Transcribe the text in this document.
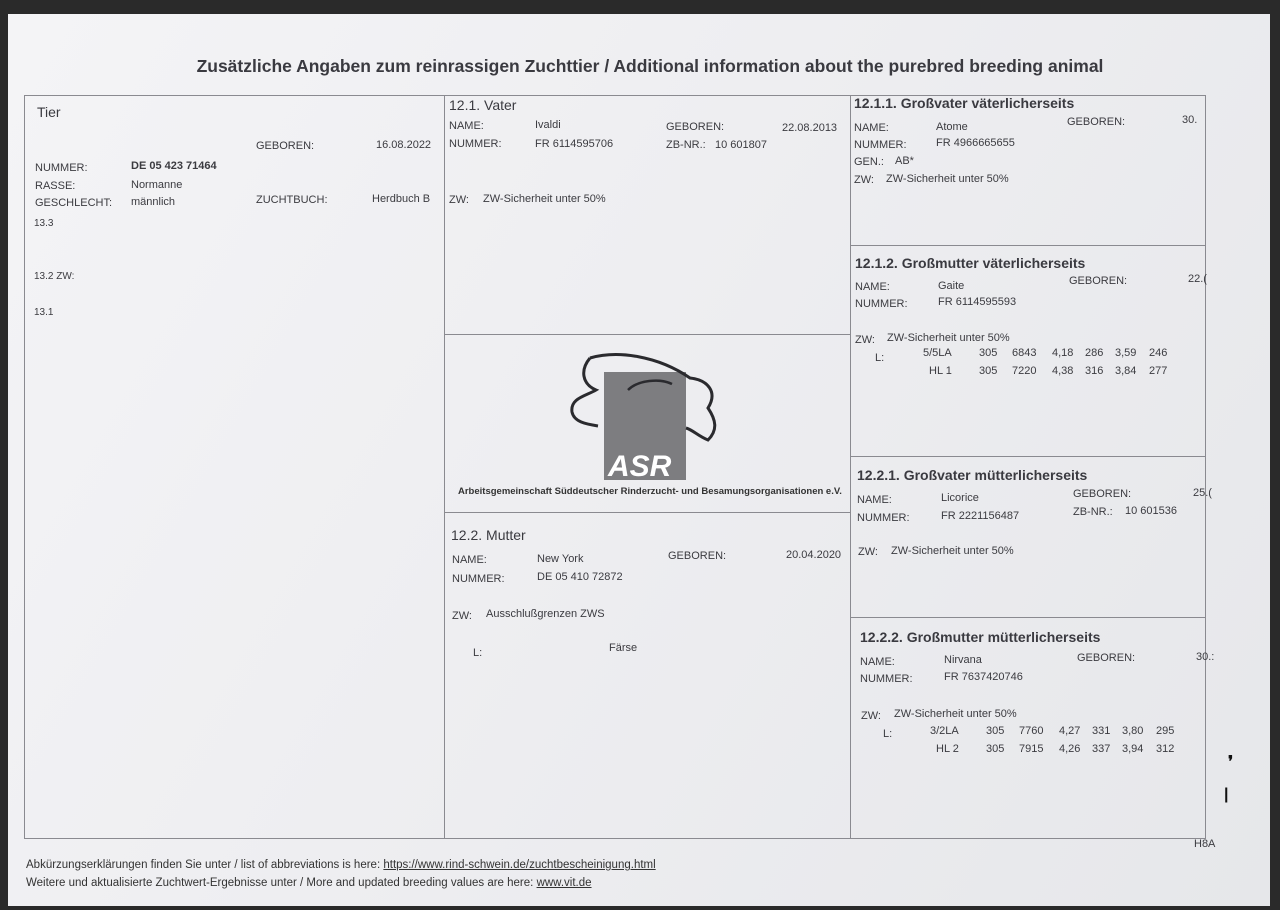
Zusätzliche Angaben zum reinrassigen Zuchttier / Additional information about the purebred breeding animal
Tier
GEBOREN:	16.08.2022
NUMMER:	DE 05 423 71464
RASSE:	Normanne
GESCHLECHT: männlich	ZUCHTBUCH:	Herdbuch B
13.3
13.2 ZW:
13.1
12.1. Vater
NAME:	Ivaldi	GEBOREN:	22.08.2013
NUMMER:	FR 6114595706	ZB-NR.: 10 601807
ZW: ZW-Sicherheit unter 50%
ASR
Arbeitsgemeinschaft Süddeutscher Rinderzucht- und Besamungsorganisationen e.V.
12.2. Mutter
NAME:	New York	GEBOREN:	20.04.2020
NUMMER:	DE 05 410 72872
ZW: Ausschlußgrenzen ZWS
L:	Färse
12.1.1. Großvater väterlicherseits
NAME:	Atome	GEBOREN:	30.
NUMMER:	FR 4966665655
GEN.: AB*
ZW: ZW-Sicherheit unter 50%
12.1.2. Großmutter väterlicherseits
NAME:	Gaite	GEBOREN:	22.(
NUMMER:	FR 6114595593
ZW: ZW-Sicherheit unter 50%
L:	5/5LA 305 6843 4,18 286 3,59 246
HL 1 305 7220 4,38 316 3,84 277
12.2.1. Großvater mütterlicherseits
NAME:	Licorice	GEBOREN:	25.(
NUMMER:	FR 2221156487	ZB-NR.: 10 601536
ZW: ZW-Sicherheit unter 50%
12.2.2. Großmutter mütterlicherseits
NAME:	Nirvana	GEBOREN:	30.:
NUMMER:	FR 7637420746
ZW: ZW-Sicherheit unter 50%
L:	3/2LA 305 7760 4,27 331 3,80 295
HL 2 305 7915 4,26 337 3,94 312
Abkürzungserklärungen finden Sie unter / list of abbreviations is here: https://www.rind-schwein.de/zuchtbescheinigung.html
Weitere und aktualisierte Zuchtwert-Ergebnisse unter / More and updated breeding values are here: www.vit.de
H8A
❜
|
